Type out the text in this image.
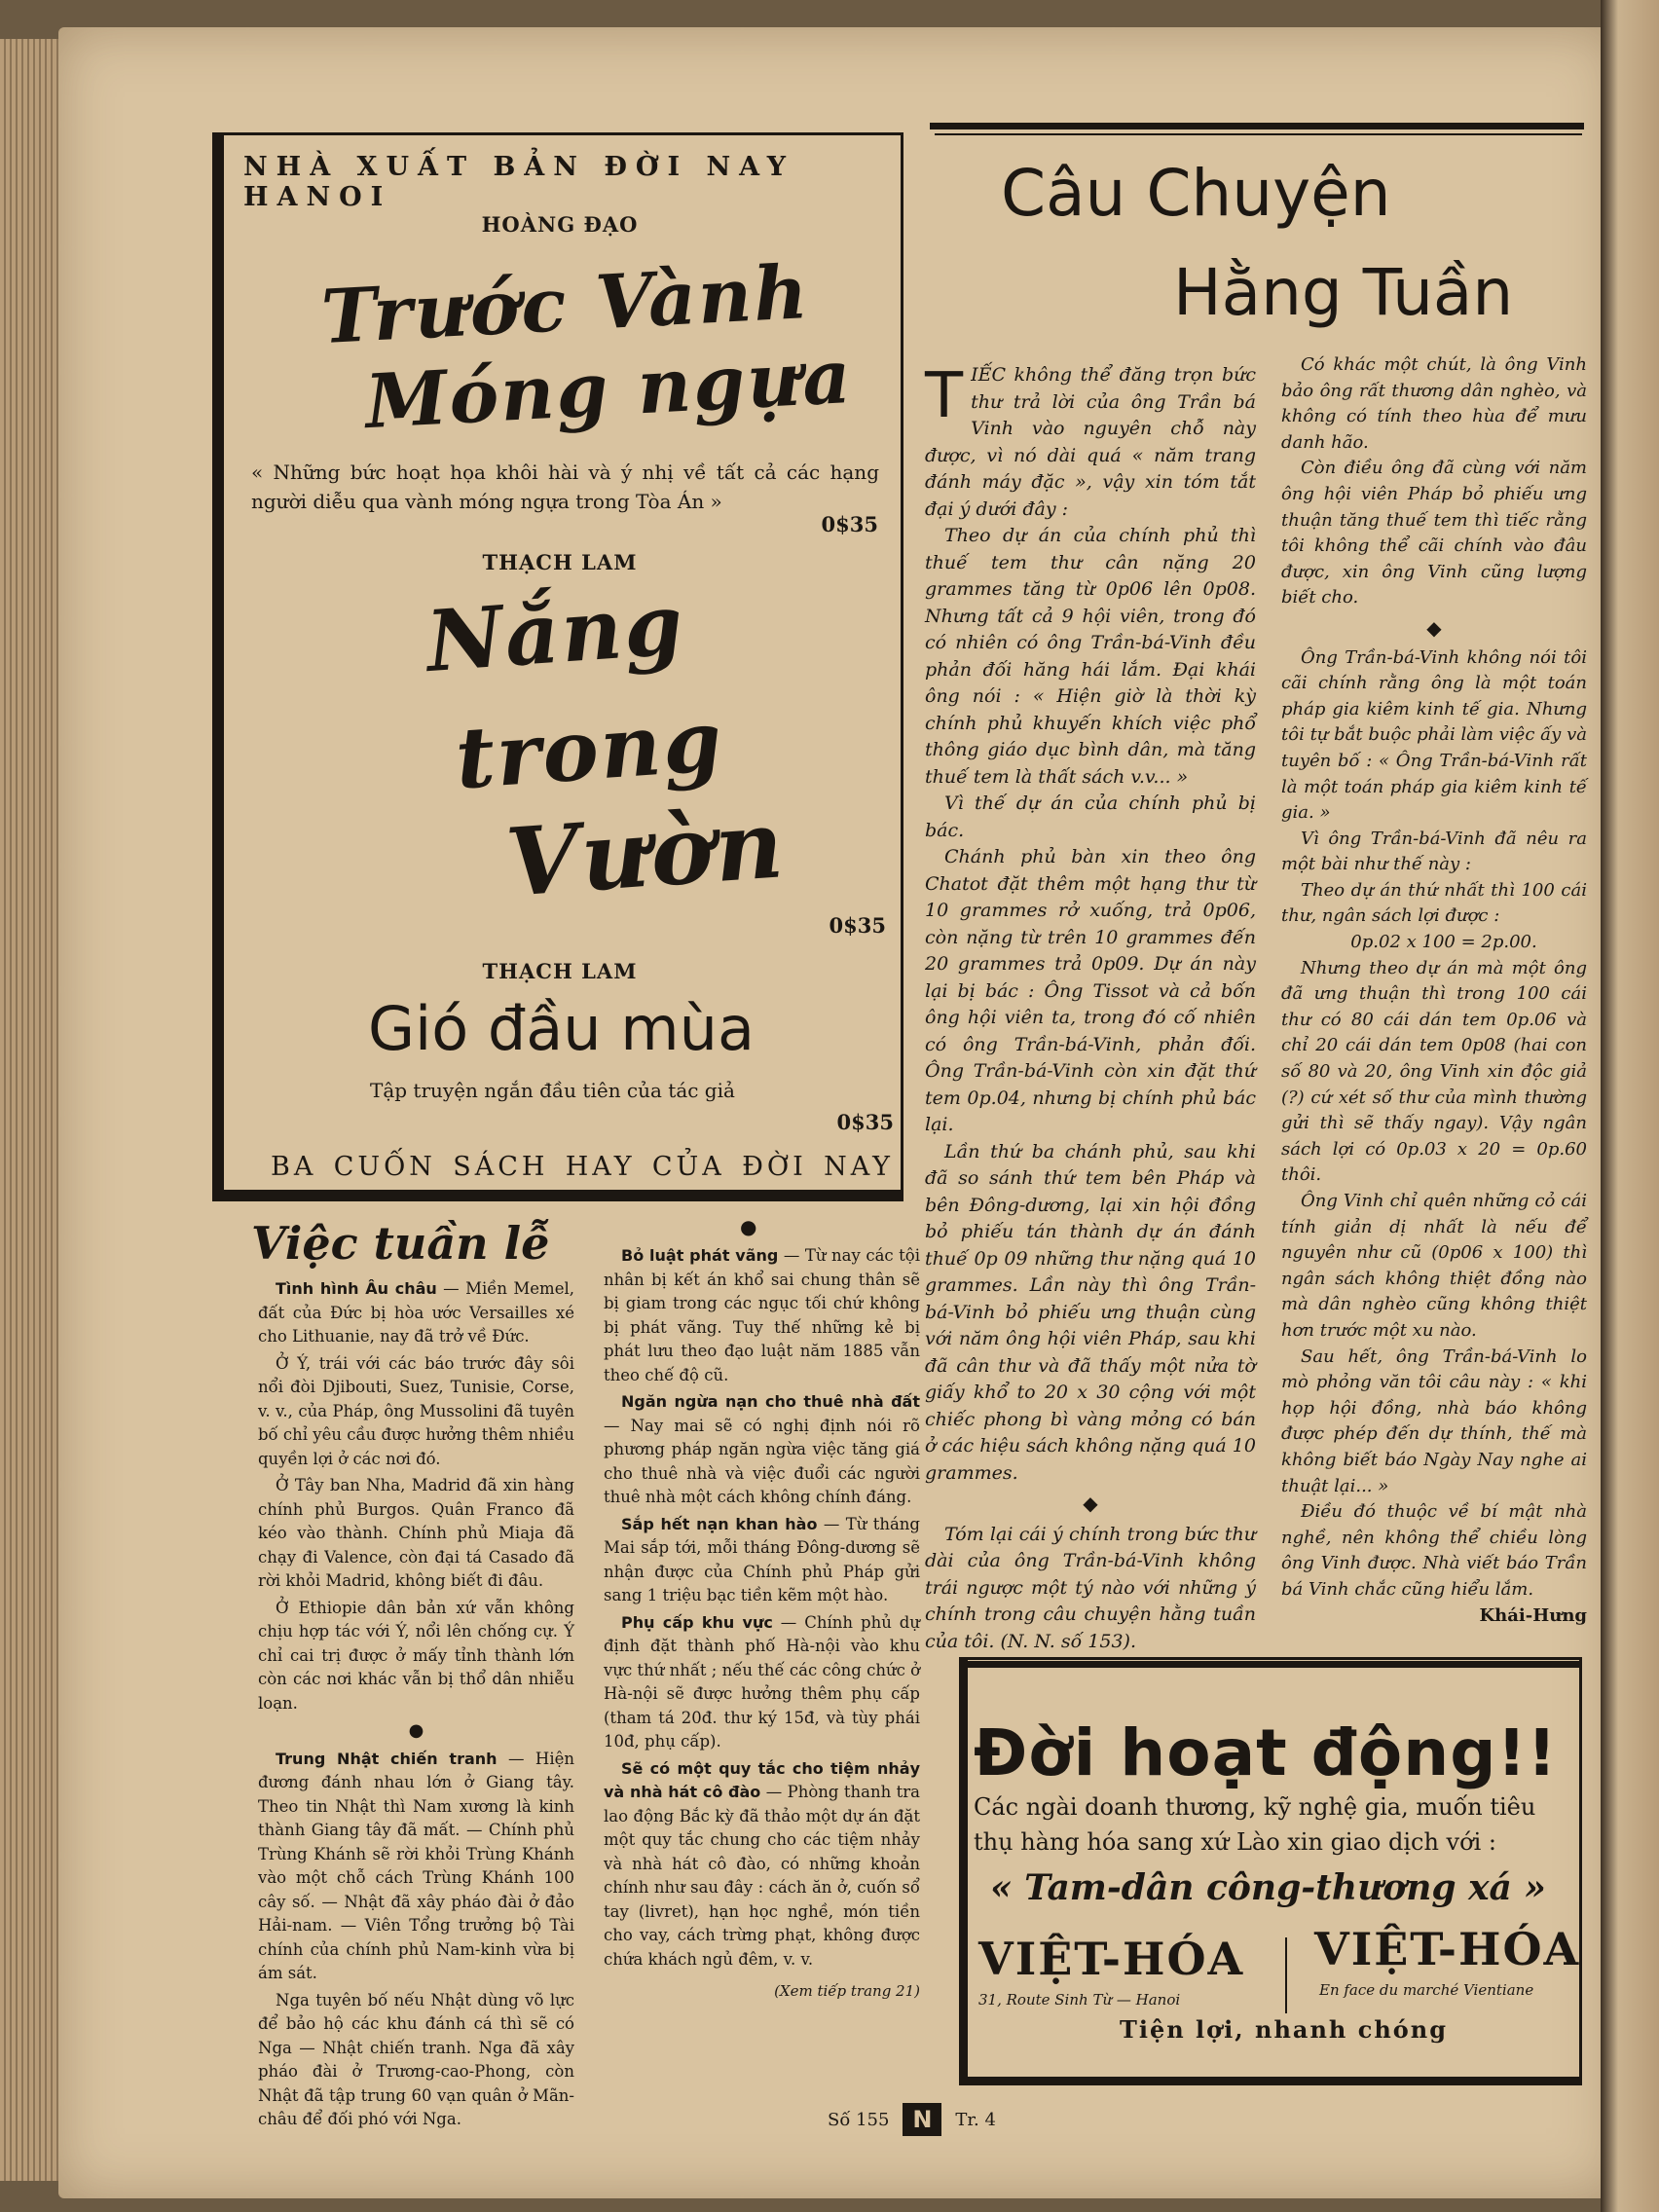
NHÀ XUẤT BẢN ĐỜI NAY HANOI
HOÀNG ĐẠO
Trước Vành
Móng ngựa
« Những bức hoạt họa khôi hài và ý nhị về tất cả các hạng người diễu qua vành móng ngựa trong Tòa Án »
0$35
THẠCH LAM
Nắng
trong
Vườn
0$35
THẠCH LAM
Gió đầu mùa
Tập truyện ngắn đầu tiên của tác giả
0$35
BA CUỐN SÁCH HAY CỦA ĐỜI NAY
Câu Chuyện
Hằng Tuần

TIẾC không thể đăng trọn bức thư trả lời của ông Trần bá Vinh vào nguyên chỗ này được, vì nó dài quá « năm trang đánh máy đặc », vậy xin tóm tắt đại ý dưới đây :

Theo dự án của chính phủ thì thuế tem thư cân nặng 20 grammes tăng từ 0p06 lên 0p08. Nhưng tất cả 9 hội viên, trong đó có nhiên có ông Trần-bá-Vinh đều phản đối hăng hái lắm. Đại khái ông nói : « Hiện giờ là thời kỳ chính phủ khuyến khích việc phổ thông giáo dục bình dân, mà tăng thuế tem là thất sách v.v... »

Vì thế dự án của chính phủ bị bác.

Chánh phủ bàn xin theo ông Chatot đặt thêm một hạng thư từ 10 grammes rở xuống, trả 0p06, còn nặng từ trên 10 grammes đến 20 grammes trả 0p09. Dự án này lại bị bác : Ông Tissot và cả bốn ông hội viên ta, trong đó cố nhiên có ông Trần-bá-Vinh, phản đối. Ông Trần-bá-Vinh còn xin đặt thứ tem 0p.04, nhưng bị chính phủ bác lại.

Lần thứ ba chánh phủ, sau khi đã so sánh thứ tem bên Pháp và bên Đông-dương, lại xin hội đồng bỏ phiếu tán thành dự án đánh thuế 0p 09 những thư nặng quá 10 grammes. Lần này thì ông Trần-bá-Vinh bỏ phiếu ưng thuận cùng với năm ông hội viên Pháp, sau khi đã cân thư và đã thấy một nửa tờ giấy khổ to 20 x 30 cộng với một chiếc phong bì vàng mỏng có bán ở các hiệu sách không nặng quá 10 grammes.

◆

Tóm lại cái ý chính trong bức thư dài của ông Trần-bá-Vinh không trái ngược một tý nào với những ý chính trong câu chuyện hằng tuần của tôi. (N. N. số 153).

Có khác một chút, là ông Vinh bảo ông rất thương dân nghèo, và không có tính theo hùa để mưu danh hão.

Còn điều ông đã cùng với năm ông hội viên Pháp bỏ phiếu ưng thuận tăng thuế tem thì tiếc rằng tôi không thể cãi chính vào đâu được, xin ông Vinh cũng lượng biết cho.

◆

Ông Trần-bá-Vinh không nói tôi cãi chính rằng ông là một toán pháp gia kiêm kinh tế gia. Nhưng tôi tự bắt buộc phải làm việc ấy và tuyên bố : « Ông Trần-bá-Vinh rất là một toán pháp gia kiêm kinh tế gia. »

Vì ông Trần-bá-Vinh đã nêu ra một bài như thế này :

Theo dự án thứ nhất thì 100 cái thư, ngân sách lợi được :

0p.02 x 100 = 2p.00.

Nhưng theo dự án mà một ông đã ưng thuận thì trong 100 cái thư có 80 cái dán tem 0p.06 và chỉ 20 cái dán tem 0p08 (hai con số 80 và 20, ông Vinh xin độc giả (?) cứ xét số thư của mình thường gửi thì sẽ thấy ngay). Vậy ngân sách lợi có 0p.03 x 20 = 0p.60 thôi.

Ông Vinh chỉ quên những cỏ cái tính giản dị nhất là nếu để nguyên như cũ (0p06 x 100) thì ngân sách không thiệt đồng nào mà dân nghèo cũng không thiệt hơn trước một xu nào.

Sau hết, ông Trần-bá-Vinh lo mò phỏng văn tôi câu này : « khi họp hội đồng, nhà báo không được phép đến dự thính, thế mà không biết báo Ngày Nay nghe ai thuật lại... »

Điều đó thuộc về bí mật nhà nghề, nên không thể chiều lòng ông Vinh được. Nhà viết báo Trần bá Vinh chắc cũng hiểu lắm.

Khái-Hưng
●
Việc tuần lễ

Tình hình Âu châu — Miền Memel, đất của Đức bị hòa ước Versailles xé cho Lithuanie, nay đã trở về Đức.

Ở Ý, trái với các báo trước đây sôi nổi đòi Djibouti, Suez, Tunisie, Corse, v. v., của Pháp, ông Mussolini đã tuyên bố chỉ yêu cầu được hưởng thêm nhiều quyền lợi ở các nơi đó.

Ở Tây ban Nha, Madrid đã xin hàng chính phủ Burgos. Quân Franco đã kéo vào thành. Chính phủ Miaja đã chạy đi Valence, còn đại tá Casado đã rời khỏi Madrid, không biết đi đâu.

Ở Ethiopie dân bản xứ vẫn không chịu hợp tác với Ý, nổi lên chống cự. Ý chỉ cai trị được ở mấy tỉnh thành lớn còn các nơi khác vẫn bị thổ dân nhiễu loạn.

●

Trung Nhật chiến tranh — Hiện đương đánh nhau lớn ở Giang tây. Theo tin Nhật thì Nam xương là kinh thành Giang tây đã mất. — Chính phủ Trùng Khánh sẽ rời khỏi Trùng Khánh vào một chỗ cách Trùng Khánh 100 cây số. — Nhật đã xây pháo đài ở đảo Hải-nam. — Viên Tổng trưởng bộ Tài chính của chính phủ Nam-kinh vừa bị ám sát.

Nga tuyên bố nếu Nhật dùng võ lực để bảo hộ các khu đánh cá thì sẽ có Nga — Nhật chiến tranh. Nga đã xây pháo đài ở Trương-cao-Phong, còn Nhật đã tập trung 60 vạn quân ở Mãn-châu để đối phó với Nga.

Bỏ luật phát vãng — Từ nay các tội nhân bị kết án khổ sai chung thân sẽ bị giam trong các ngục tối chứ không bị phát vãng. Tuy thế những kẻ bị phát lưu theo đạo luật năm 1885 vẫn theo chế độ cũ.

Ngăn ngừa nạn cho thuê nhà đất — Nay mai sẽ có nghị định nói rõ phương pháp ngăn ngừa việc tăng giá cho thuê nhà và việc đuổi các người thuê nhà một cách không chính đáng.

Sắp hết nạn khan hào — Từ tháng Mai sắp tới, mỗi tháng Đông-dương sẽ nhận được của Chính phủ Pháp gửi sang 1 triệu bạc tiền kẽm một hào.

Phụ cấp khu vực — Chính phủ dự định đặt thành phố Hà-nội vào khu vực thứ nhất ; nếu thế các công chức ở Hà-nội sẽ được hưởng thêm phụ cấp (tham tá 20đ. thư ký 15đ, và tùy phái 10đ, phụ cấp).

Sẽ có một quy tắc cho tiệm nhảy và nhà hát cô đào — Phòng thanh tra lao động Bắc kỳ đã thảo một dự án đặt một quy tắc chung cho các tiệm nhảy và nhà hát cô đào, có những khoản chính như sau đây : cách ăn ở, cuốn sổ tay (livret), hạn học nghề, món tiền cho vay, cách trừng phạt, không được chứa khách ngủ đêm, v. v.

(Xem tiếp trang 21)
Đời hoạt động!!
Các ngài doanh thương, kỹ nghệ gia, muốn tiêu thụ hàng hóa sang xứ Lào xin giao dịch với :
« Tam-dân công-thương xá »
VIỆT-HÓA
31, Route Sinh Từ — Hanoi
VIỆT-HÓA
En face du marché Vientiane
Tiện lợi, nhanh chóng
Số 155 N	Tr. 4
